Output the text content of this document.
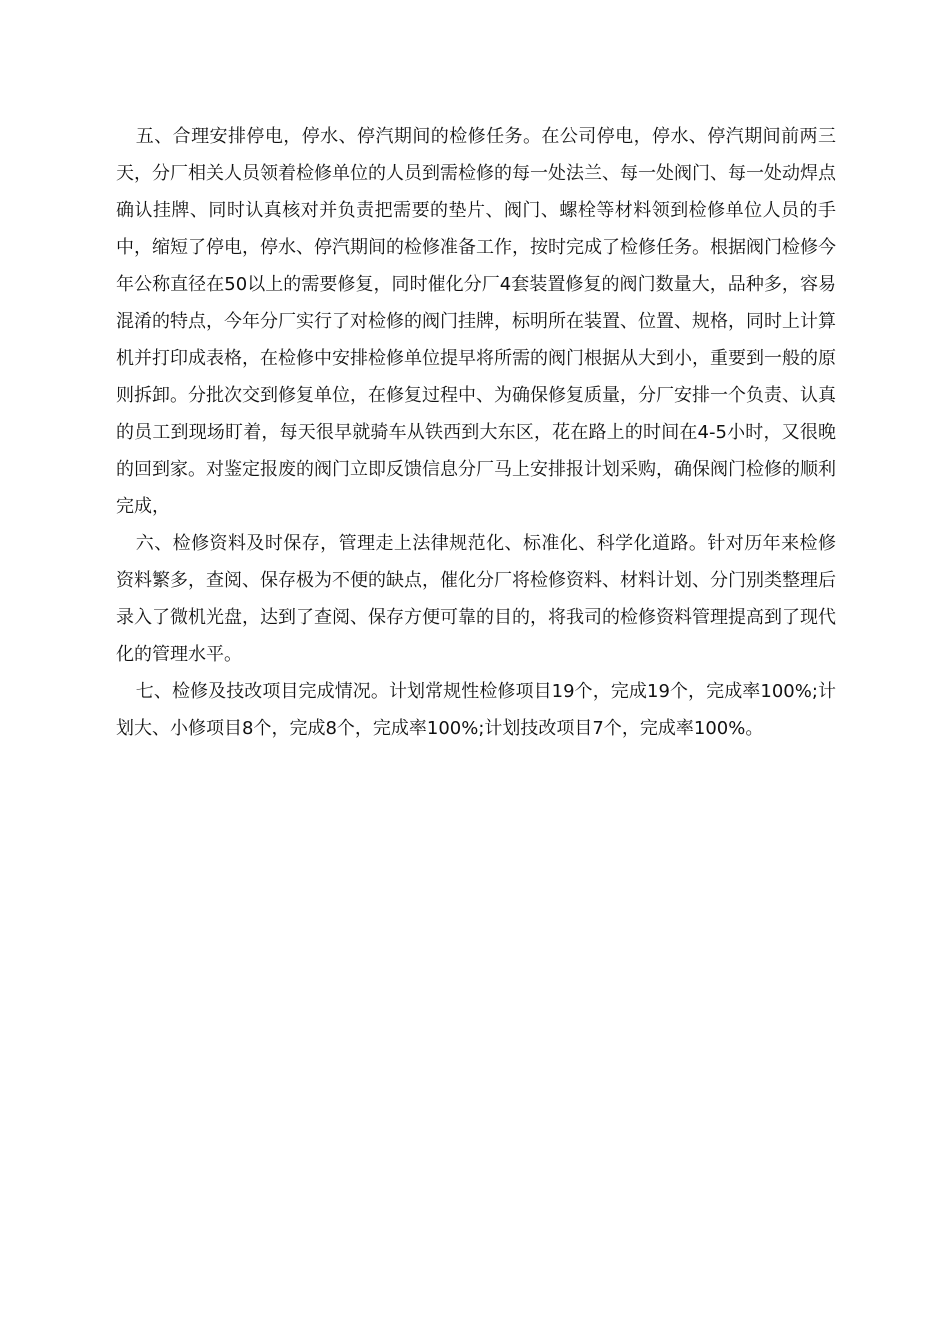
五、合理安排停电，停水、停汽期间的检修任务。在公司停电，停水、停汽期间前两三天，分厂相关人员领着检修单位的人员到需检修的每一处法兰、每一处阀门、每一处动焊点确认挂牌、同时认真核对并负责把需要的垫片、阀门、螺栓等材料领到检修单位人员的手中，缩短了停电，停水、停汽期间的检修准备工作，按时完成了检修任务。根据阀门检修今年公称直径在50以上的需要修复，同时催化分厂4套装置修复的阀门数量大，品种多，容易混淆的特点，今年分厂实行了对检修的阀门挂牌，标明所在装置、位置、规格，同时上计算机并打印成表格，在检修中安排检修单位提早将所需的阀门根据从大到小，重要到一般的原则拆卸。分批次交到修复单位，在修复过程中、为确保修复质量，分厂安排一个负责、认真的员工到现场盯着，每天很早就骑车从铁西到大东区，花在路上的时间在4-5小时，又很晚的回到家。对鉴定报废的阀门立即反馈信息分厂马上安排报计划采购，确保阀门检修的顺利完成，

六、检修资料及时保存，管理走上法律规范化、标准化、科学化道路。针对历年来检修资料繁多，查阅、保存极为不便的缺点，催化分厂将检修资料、材料计划、分门别类整理后录入了微机光盘，达到了查阅、保存方便可靠的目的，将我司的检修资料管理提高到了现代化的管理水平。

七、检修及技改项目完成情况。计划常规性检修项目19个，完成19个，完成率100%;计划大、小修项目8个，完成8个，完成率100%;计划技改项目7个，完成率100%。
